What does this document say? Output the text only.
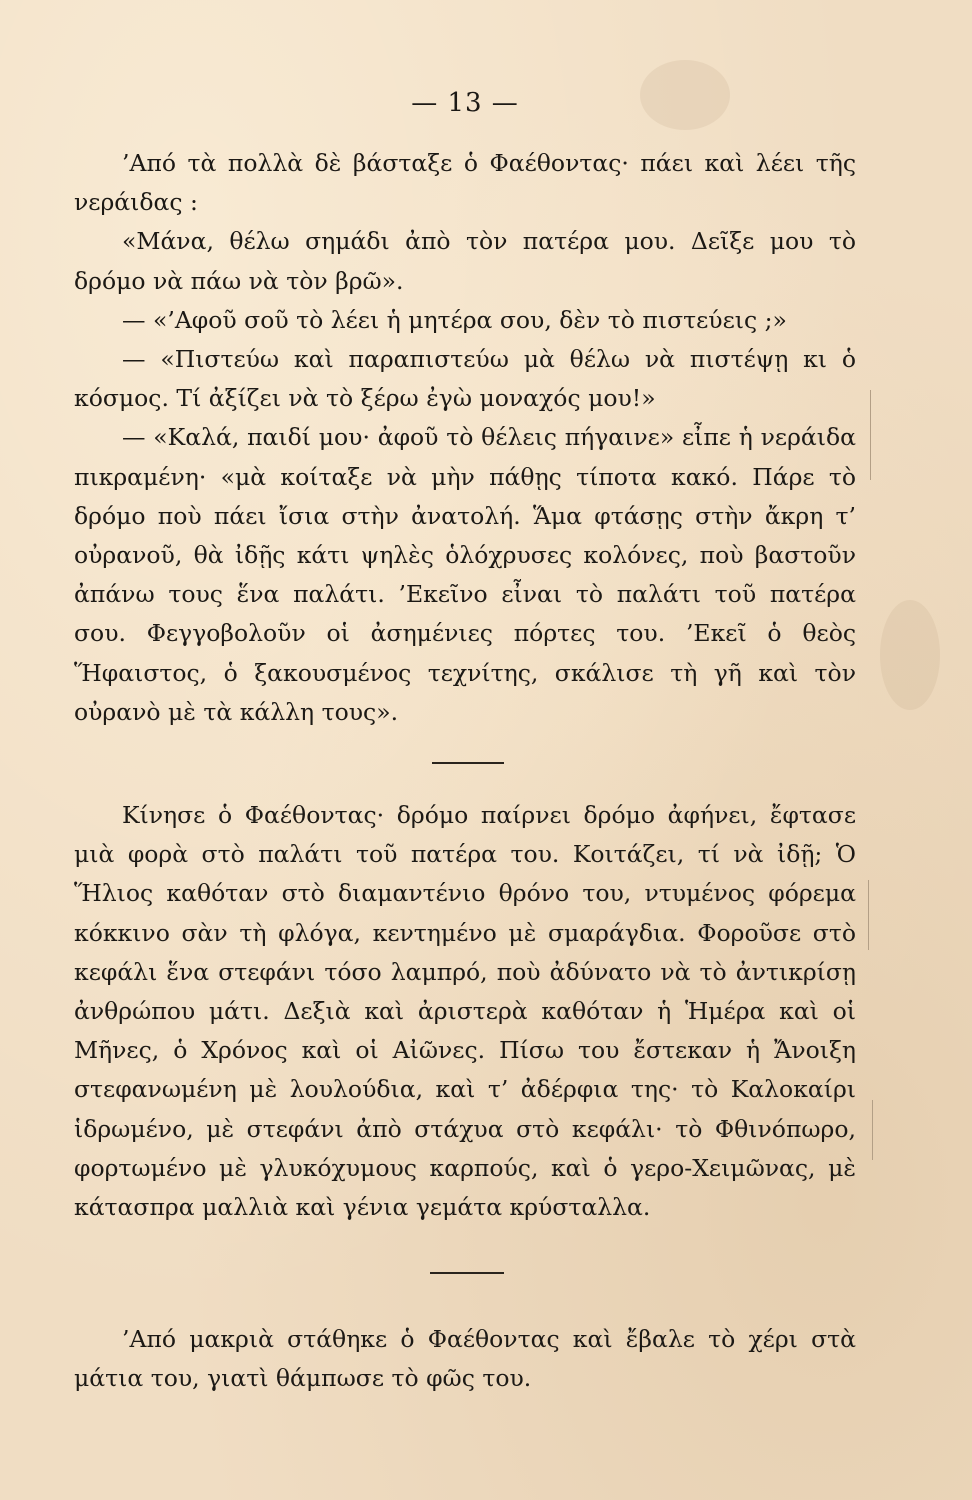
— 13 —

’Από τὰ πολλὰ δὲ βάσταξε ὁ Φαέθοντας· πάει καὶ λέει τῆς νεράιδας :

«Μάνα, θέλω σημάδι ἀπὸ τὸν πατέρα μου. Δεῖξε μου τὸ δρόμο νὰ πάω νὰ τὸν βρῶ».

— «’Αφοῦ σοῦ τὸ λέει ἡ μητέρα σου, δὲν τὸ πιστεύεις ;»

— «Πιστεύω καὶ παραπιστεύω μὰ θέλω νὰ πιστέψῃ κι ὁ κόσμος. Τί ἀξίζει νὰ τὸ ξέρω ἐγὼ μοναχός μου!»

— «Καλά, παιδί μου· ἀφοῦ τὸ θέλεις πήγαινε» εἶπε ἡ νεράιδα πικραμένη· «μὰ κοίταξε νὰ μὴν πάθῃς τίποτα κακό. Πάρε τὸ δρόμο ποὺ πάει ἴσια στὴν ἀνατολή. Ἅμα φτάσῃς στὴν ἄκρη τ’ οὐρανοῦ, θὰ ἰδῇς κάτι ψηλὲς ὁλόχρυσες κολόνες, ποὺ βαστοῦν ἀπάνω τους ἕνα παλάτι. ’Εκεῖνο εἶναι τὸ παλάτι τοῦ πατέρα σου. Φεγγοβολοῦν οἱ ἀσημένιες πόρτες του. ’Εκεῖ ὁ θεὸς Ἥφαιστος, ὁ ξακουσμένος τεχνίτης, σκάλισε τὴ γῆ καὶ τὸν οὐρανὸ μὲ τὰ κάλλη τους».

Κίνησε ὁ Φαέθοντας· δρόμο παίρνει δρόμο ἀφήνει, ἔφτασε μιὰ φορὰ στὸ παλάτι τοῦ πατέρα του. Κοιτάζει, τί νὰ ἰδῇ; Ὁ Ἥλιος καθόταν στὸ διαμαντένιο θρόνο του, ντυμένος φόρεμα κόκκινο σὰν τὴ φλόγα, κεντημένο μὲ σμαράγδια. Φοροῦσε στὸ κεφάλι ἕνα στεφάνι τόσο λαμπρό, ποὺ ἀδύνατο νὰ τὸ ἀντικρίσῃ ἀνθρώπου μάτι. Δεξιὰ καὶ ἀριστερὰ καθόταν ἡ Ἡμέρα καὶ οἱ Μῆνες, ὁ Χρόνος καὶ οἱ Αἰῶνες. Πίσω του ἔστεκαν ἡ Ἄνοιξη στεφανωμένη μὲ λουλούδια, καὶ τ’ ἀδέρφια της· τὸ Καλοκαίρι ἱδρωμένο, μὲ στεφάνι ἀπὸ στάχυα στὸ κεφάλι· τὸ Φθινόπωρο, φορτωμένο μὲ γλυκόχυμους καρπούς, καὶ ὁ γερο-Χειμῶνας, μὲ κάτασπρα μαλλιὰ καὶ γένια γεμάτα κρύσταλλα.

’Από μακριὰ στάθηκε ὁ Φαέθοντας καὶ ἔβαλε τὸ χέρι στὰ μάτια του, γιατὶ θάμπωσε τὸ φῶς του.
